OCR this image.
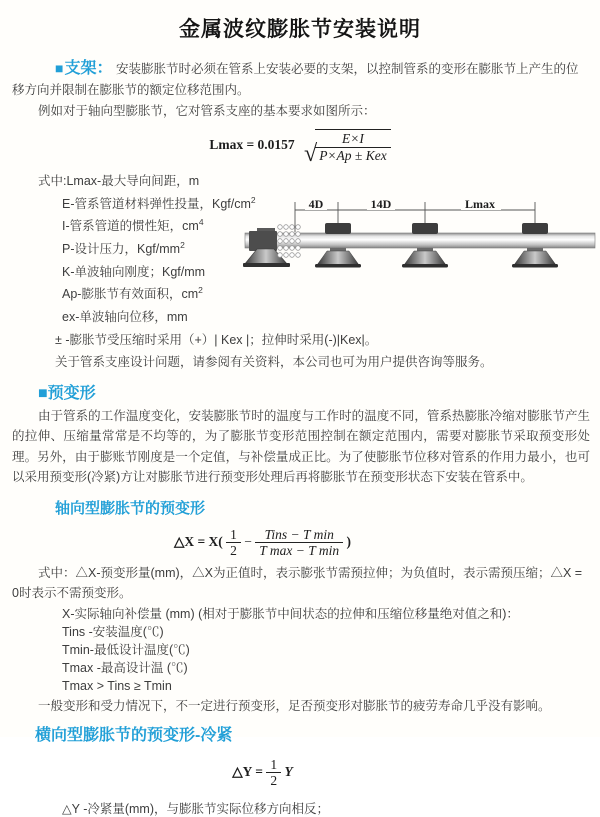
金属波纹膨胀节安装说明

■支架： 安装膨胀节时必须在管系上安装必要的支架，以控制管系的变形在膨胀节上产生的位移方向并限制在膨胀节的额定位移范围内。

例如对于轴向型膨胀节，它对管系支座的基本要求如图所示：

Lmax = 0.0157 √
$\frac{E\times I}{\text{P×Ap ± Kex}}$
式中:Lmax-最大导向间距，m
E-管系管道材料弹性投量，Kgf/$cm^2$
I-管系管道的惯性矩，$cm^4$
P-设计压力，Kgf/$mm^2$
K-单波轴向刚度；Kgf/mm
Ap-膨胀节有效面积，$cm^2$
ex-单波轴向位移，mm
± -膨胀节受压缩时采用（+）| Kex |；拉伸时采用(-)|Kex|。
关于管系支座设计问题，请参阅有关资料，本公司也可为用户提供咨询等服务。
4D	14D	Lmax
■预变形

由于管系的工作温度变化，安装膨胀节时的温度与工作时的温度不同，管系热膨胀冷缩对膨胀节产生的拉伸、压缩量常常是不均等的，为了膨胀节变形范围控制在额定范围内，需要对膨胀节采取预变形处理。另外，由于膨账节刚度是一个定值，与补偿量成正比。为了使膨胀节位移对管系的作用力最小，也可以采用预变形(冷紧)方让对膨胀节进行预变形处理后再将膨胀节在预变形状态下安装在管系中。

轴向型膨胀节的预变形
△X = $X( \frac{1}{2} - \frac{\text{Tins − T min}}{\text{T max − T min}}$ )

式中：△X-预变形量(mm)，△X为正值时，表示膨张节需预拉伸；为负值时，表示需预压缩；△X = 0时表示不需预变形。

X-实际轴向补偿量 (mm) (相对于膨胀节中间状态的拉伸和压缩位移量绝对值之和)：
Tins -安装温度(℃)
Tmin-最低设计温度(℃)
Tmax -最高设计温 (℃)
Tmax > Tins ≥ Tmin

一般变形和受力情况下，不一定进行预变形，足否预变形对膨胀节的疲劳寿命几乎没有影响。

横向型膨胀节的预变形-冷紧
△Y = $\frac{1}{2}$ Y

△Y -冷紧量(mm)，与膨胀节实际位移方向相反；
